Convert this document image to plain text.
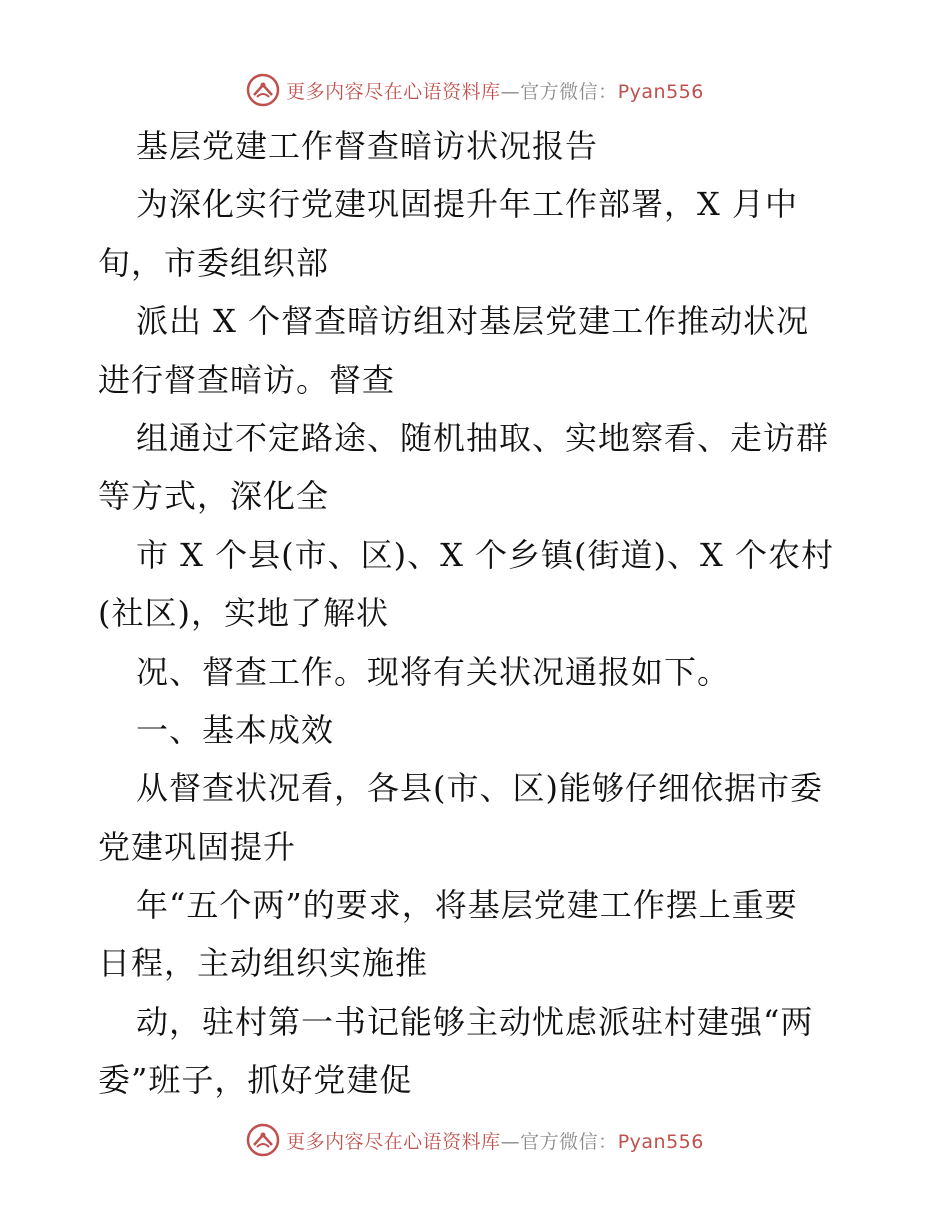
更多内容尽在心语资料库—官方微信：Pyan556
基层党建工作督查暗访状况报告
为深化实行党建巩固提升年工作部署，X 月中
旬，市委组织部
派出 X 个督查暗访组对基层党建工作推动状况
进行督查暗访。督查
组通过不定路途、随机抽取、实地察看、走访群
等方式，深化全
市 X 个县(市、区)、X 个乡镇(街道)、X 个农村
(社区)，实地了解状
况、督查工作。现将有关状况通报如下。
一、基本成效
从督查状况看，各县(市、区)能够仔细依据市委
党建巩固提升
年“五个两”的要求，将基层党建工作摆上重要
日程，主动组织实施推
动，驻村第一书记能够主动忧虑派驻村建强“两
委”班子，抓好党建促
更多内容尽在心语资料库—官方微信：Pyan556
